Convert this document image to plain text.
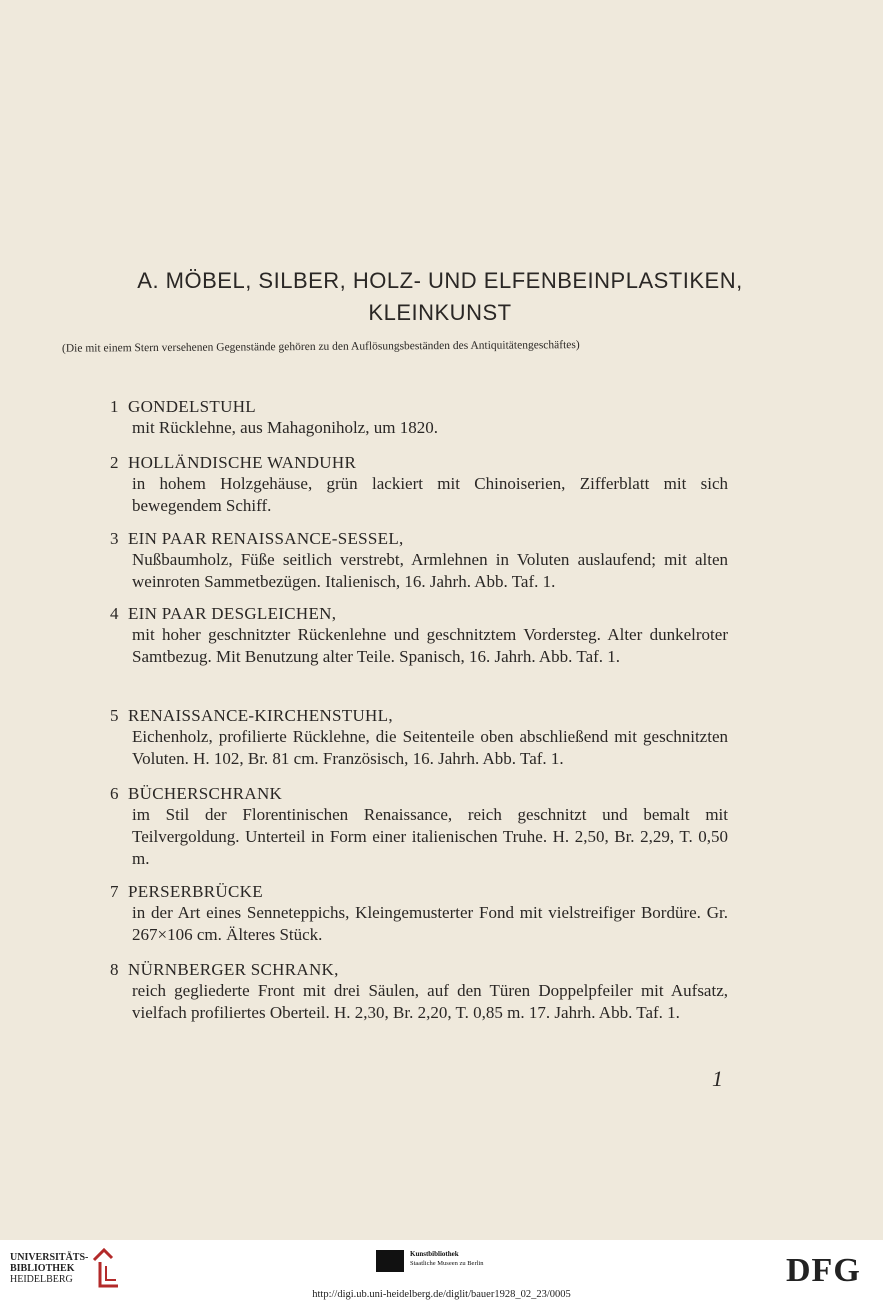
A. MÖBEL, SILBER, HOLZ- UND ELFENBEINPLASTIKEN,
KLEINKUNST
(Die mit einem Stern versehenen Gegenstände gehören zu den Auflösungsbeständen des Antiquitätengeschäftes)
1 GONDELSTUHL
mit Rücklehne, aus Mahagoniholz, um 1820.
2 HOLLÄNDISCHE WANDUHR
in hohem Holzgehäuse, grün lackiert mit Chinoiserien, Zifferblatt mit sich bewegendem Schiff.
3 EIN PAAR RENAISSANCE-SESSEL,
Nußbaumholz, Füße seitlich verstrebt, Armlehnen in Voluten auslaufend; mit alten weinroten Sammetbezügen. Italienisch, 16. Jahrh. Abb. Taf. 1.
4 EIN PAAR DESGLEICHEN,
mit hoher geschnitzter Rückenlehne und geschnitztem Vordersteg. Alter dunkelroter Samtbezug. Mit Benutzung alter Teile. Spanisch, 16. Jahrh. Abb. Taf. 1.
5 RENAISSANCE-KIRCHENSTUHL,
Eichenholz, profilierte Rücklehne, die Seitenteile oben abschließend mit geschnitzten Voluten. H. 102, Br. 81 cm. Französisch, 16. Jahrh. Abb. Taf. 1.
6 BÜCHERSCHRANK
im Stil der Florentinischen Renaissance, reich geschnitzt und bemalt mit Teilvergoldung. Unterteil in Form einer italienischen Truhe. H. 2,50, Br. 2,29, T. 0,50 m.
7 PERSERBRÜCKE
in der Art eines Senneteppichs, Kleingemusterter Fond mit vielstreifiger Bordüre. Gr. 267×106 cm. Älteres Stück.
8 NÜRNBERGER SCHRANK,
reich gegliederte Front mit drei Säulen, auf den Türen Doppelpfeiler mit Aufsatz, vielfach profiliertes Oberteil. H. 2,30, Br. 2,20, T. 0,85 m. 17. Jahrh. Abb. Taf. 1.
1
UNIVERSITÄTS-
BIBLIOTHEK
HEIDELBERG
Kunstbibliothek
Staatliche Museen zu Berlin	DFG
http://digi.ub.uni-heidelberg.de/diglit/bauer1928_02_23/0005
